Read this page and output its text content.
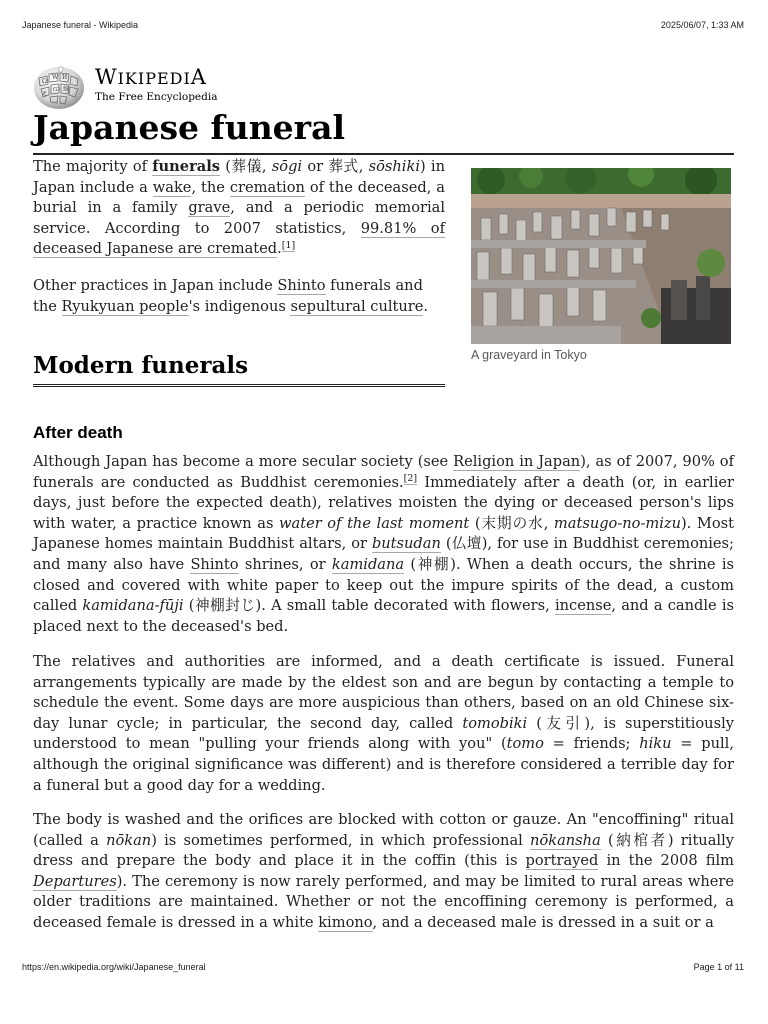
Japanese funeral - Wikipedia	2025/06/07, 1:33 AM
Ω
W И
Ѡ 維
ع
WIKIPEDIA
The Free Encyclopedia
Japanese funeral

The majority of funerals (葬儀, sōgi or 葬式, sōshiki) in Japan include a wake, the cremation of the deceased, a burial in a family grave, and a periodic memorial service. According to 2007 statistics, 99.81% of deceased Japanese are cremated.[1]

Other practices in Japan include Shinto funerals and the Ryukyuan people's indigenous sepultural culture.

A graveyard in Tokyo
Modern funerals
After death

Although Japan has become a more secular society (see Religion in Japan), as of 2007, 90% of funerals are conducted as Buddhist ceremonies.[2] Immediately after a death (or, in earlier days, just before the expected death), relatives moisten the dying or deceased person's lips with water, a practice known as water of the last moment (末期の水, matsugo-no-mizu). Most Japanese homes maintain Buddhist altars, or butsudan (仏壇), for use in Buddhist ceremonies; and many also have Shinto shrines, or kamidana (神棚). When a death occurs, the shrine is closed and covered with white paper to keep out the impure spirits of the dead, a custom called kamidana-fūji (神棚封じ). A small table decorated with flowers, incense, and a candle is placed next to the deceased's bed.

The relatives and authorities are informed, and a death certificate is issued. Funeral arrangements typically are made by the eldest son and are begun by contacting a temple to schedule the event. Some days are more auspicious than others, based on an old Chinese six-day lunar cycle; in particular, the second day, called tomobiki (友引), is superstitiously understood to mean "pulling your friends along with you" (tomo = friends; hiku = pull, although the original significance was different) and is therefore considered a terrible day for a funeral but a good day for a wedding.

The body is washed and the orifices are blocked with cotton or gauze. An "encoffining" ritual (called a nōkan) is sometimes performed, in which professional nōkansha (納棺者) ritually dress and prepare the body and place it in the coffin (this is portrayed in the 2008 film Departures). The ceremony is now rarely performed, and may be limited to rural areas where older traditions are maintained. Whether or not the encoffining ceremony is performed, a deceased female is dressed in a white kimono, and a deceased male is dressed in a suit or a

https://en.wikipedia.org/wiki/Japanese_funeral	Page 1 of 11
